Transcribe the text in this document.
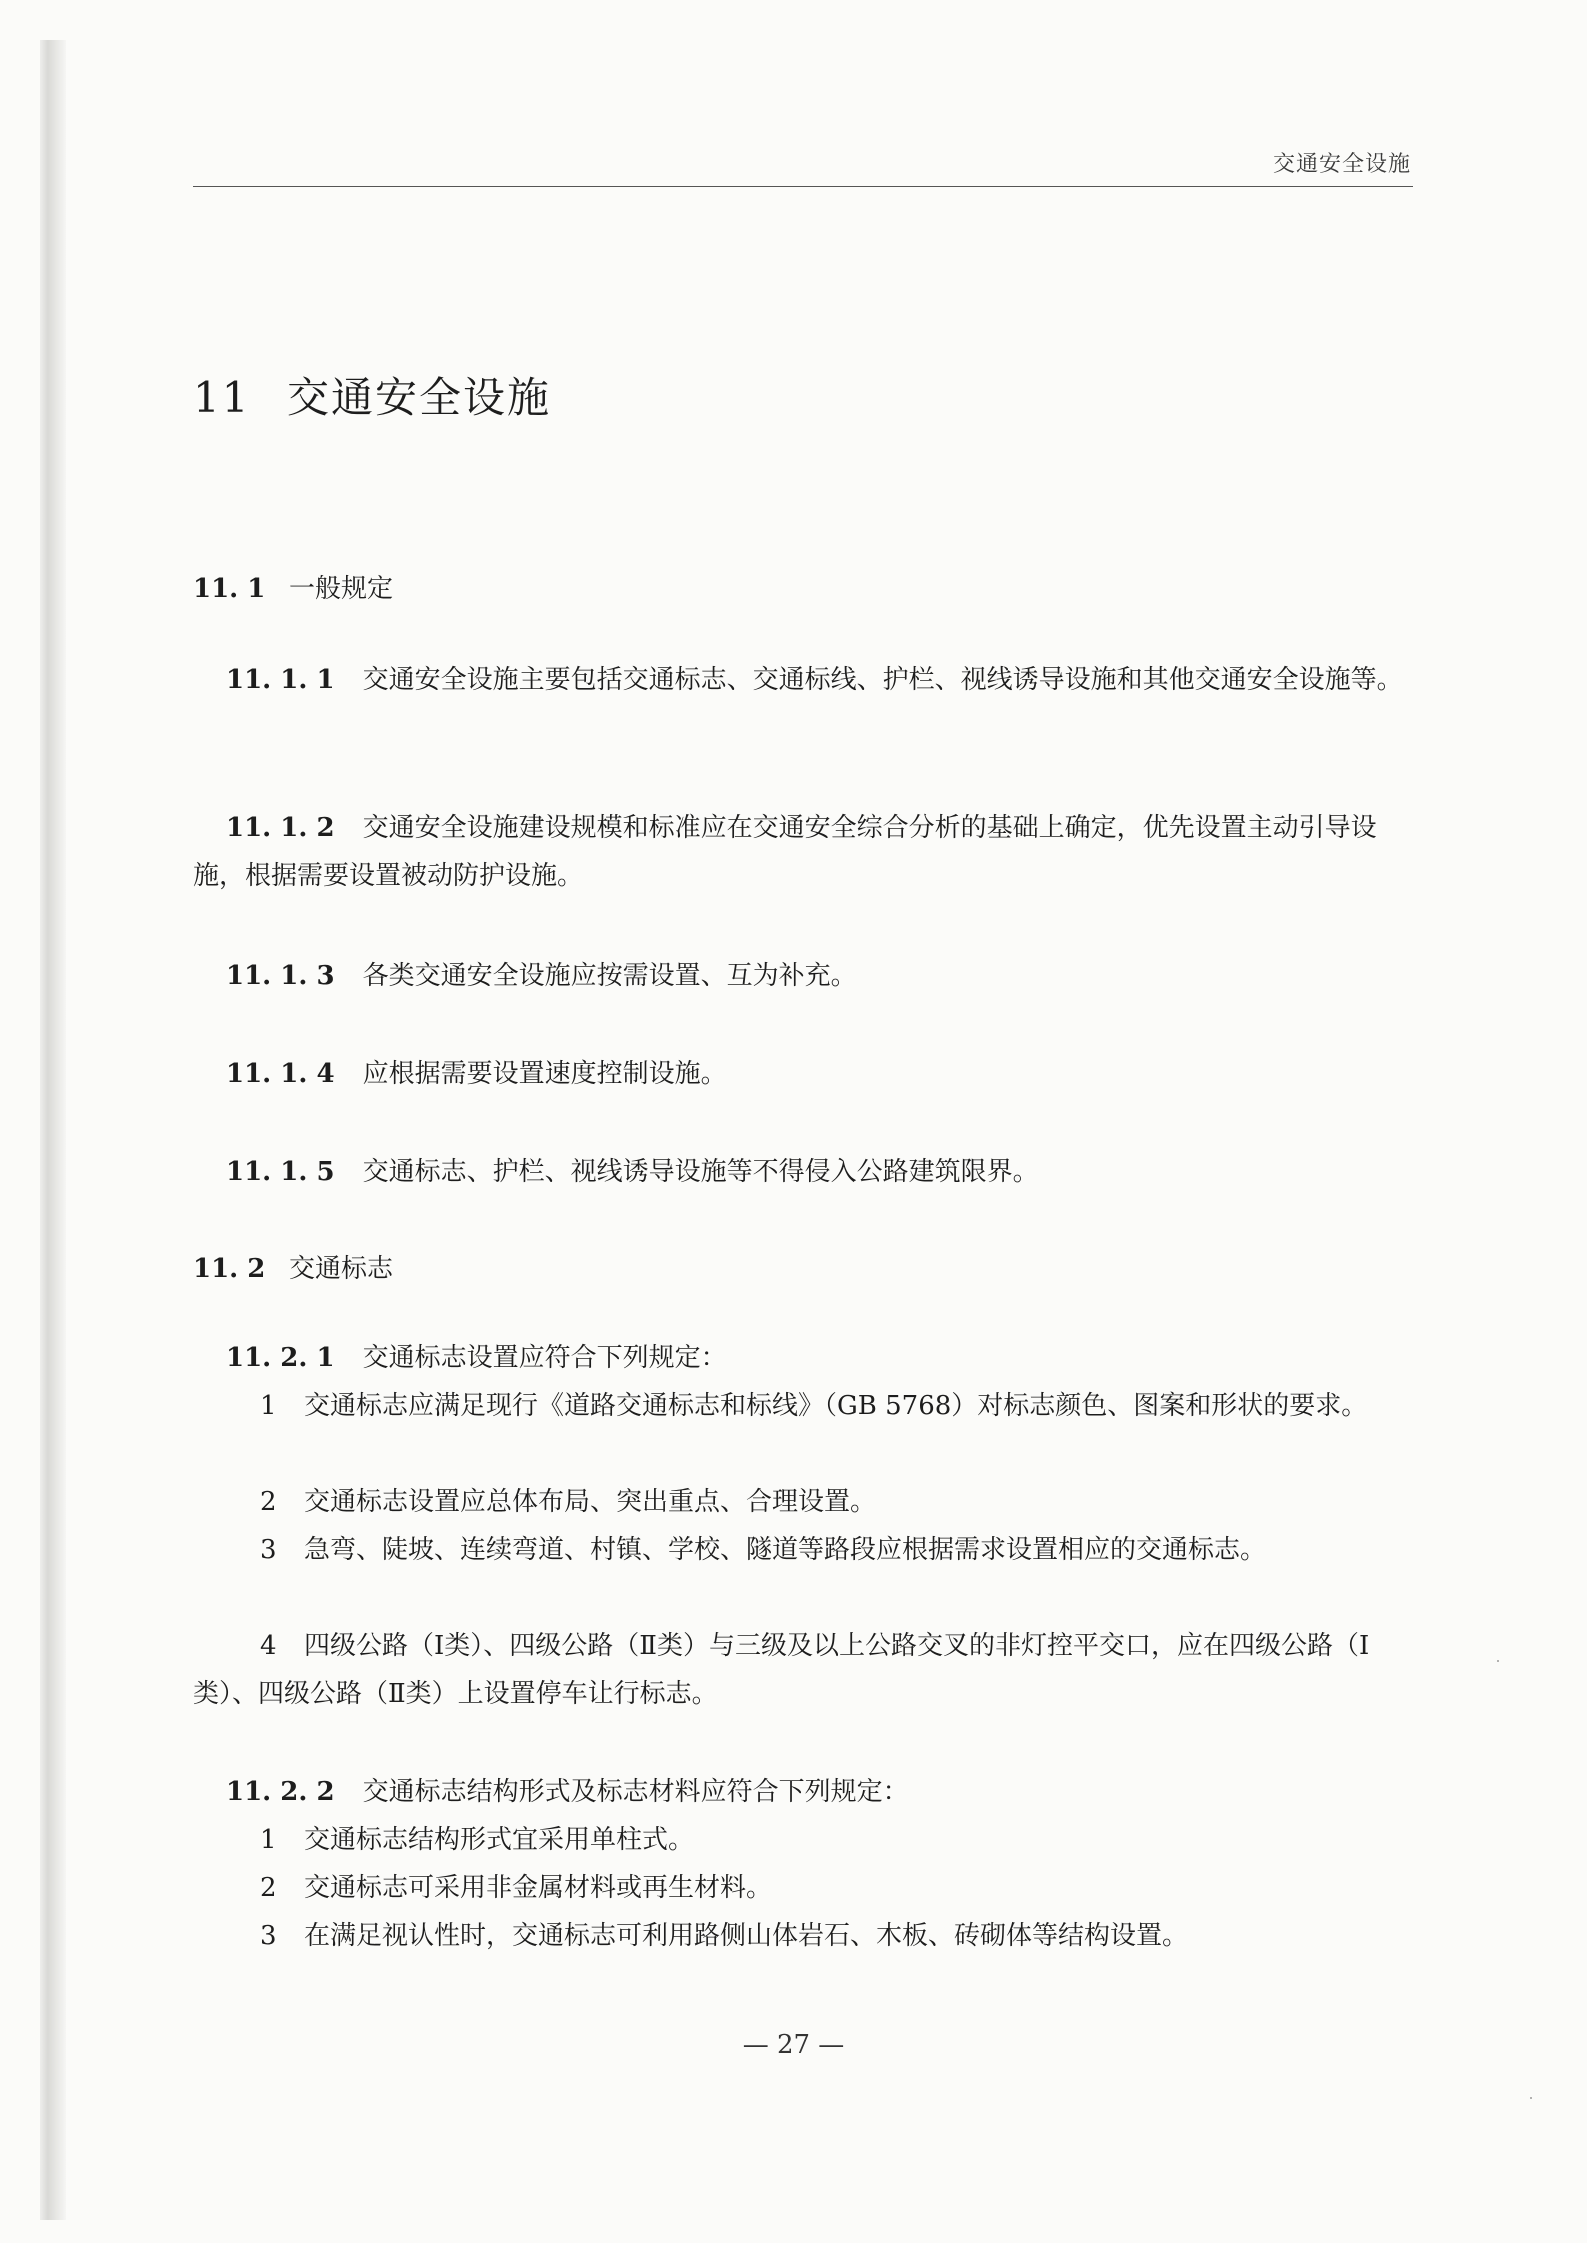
交通安全设施
11 交通安全设施
11. 1 一般规定

11. 1. 1 交通安全设施主要包括交通标志、交通标线、护栏、视线诱导设施和其他交通安全设施等。

11. 1. 2 交通安全设施建设规模和标准应在交通安全综合分析的基础上确定，优先设置主动引导设施，根据需要设置被动防护设施。

11. 1. 3 各类交通安全设施应按需设置、互为补充。

11. 1. 4 应根据需要设置速度控制设施。

11. 1. 5 交通标志、护栏、视线诱导设施等不得侵入公路建筑限界。

11. 2 交通标志

11. 2. 1 交通标志设置应符合下列规定：

1 交通标志应满足现行《道路交通标志和标线》（GB 5768）对标志颜色、图案和形状的要求。

2 交通标志设置应总体布局、突出重点、合理设置。

3 急弯、陡坡、连续弯道、村镇、学校、隧道等路段应根据需求设置相应的交通标志。

4 四级公路（Ⅰ类）、四级公路（Ⅱ类）与三级及以上公路交叉的非灯控平交口，应在四级公路（Ⅰ类）、四级公路（Ⅱ类）上设置停车让行标志。

11. 2. 2 交通标志结构形式及标志材料应符合下列规定：

1 交通标志结构形式宜采用单柱式。

2 交通标志可采用非金属材料或再生材料。

3 在满足视认性时，交通标志可利用路侧山体岩石、木板、砖砌体等结构设置。

— 27 —
